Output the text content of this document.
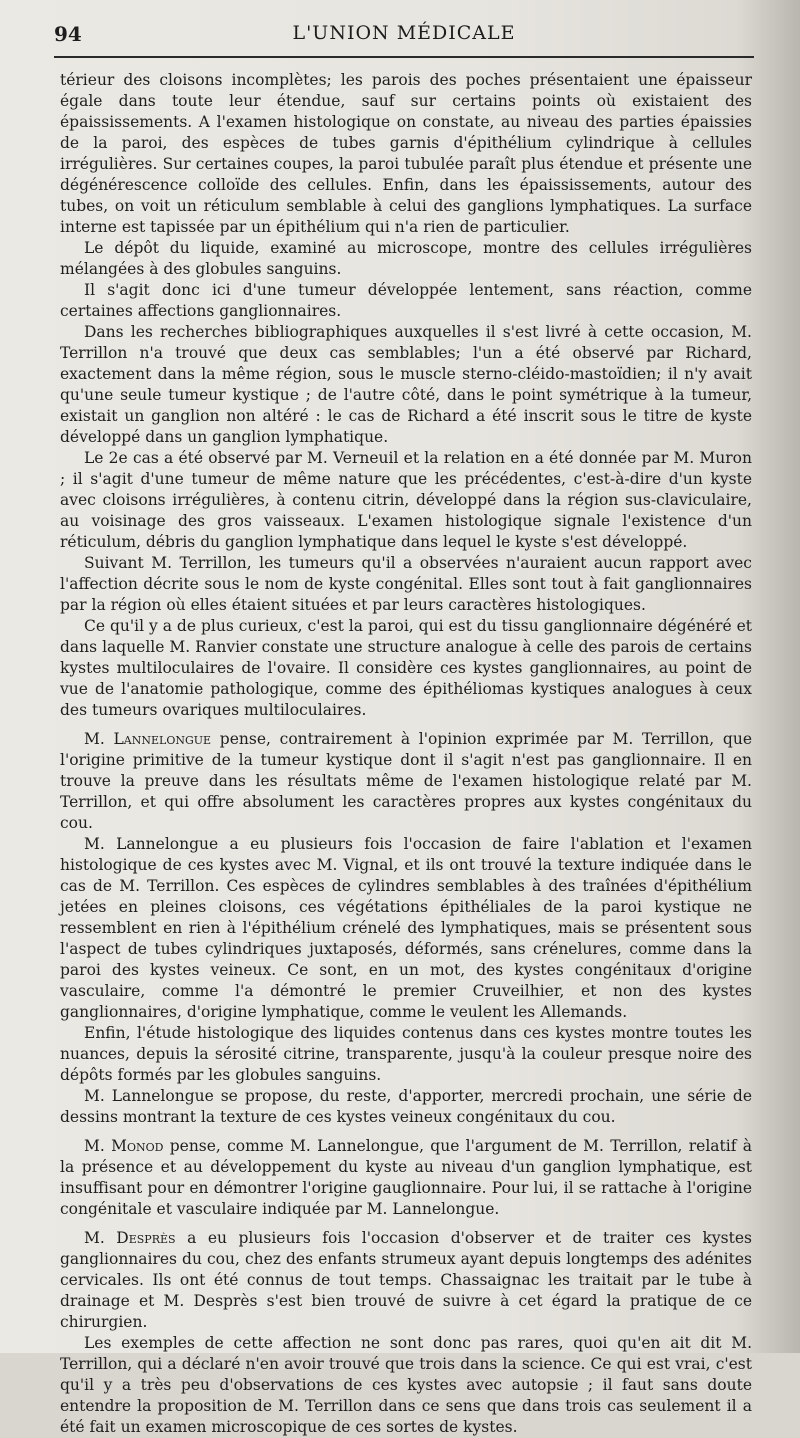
94	L'UNION MÉDICALE

térieur des cloisons incomplètes; les parois des poches présentaient une épaisseur égale dans toute leur étendue, sauf sur certains points où existaient des épaississements. A l'examen histologique on constate, au niveau des parties épaissies de la paroi, des espèces de tubes garnis d'épithélium cylindrique à cellules irrégulières. Sur certaines coupes, la paroi tubulée paraît plus étendue et présente une dégénérescence colloïde des cellules. Enfin, dans les épaississements, autour des tubes, on voit un réticulum semblable à celui des ganglions lymphatiques. La surface interne est tapissée par un épithélium qui n'a rien de particulier.

Le dépôt du liquide, examiné au microscope, montre des cellules irrégulières mélangées à des globules sanguins.

Il s'agit donc ici d'une tumeur développée lentement, sans réaction, comme certaines affections ganglionnaires.

Dans les recherches bibliographiques auxquelles il s'est livré à cette occasion, M. Terrillon n'a trouvé que deux cas semblables; l'un a été observé par Richard, exactement dans la même région, sous le muscle sterno-cléido-mastoïdien; il n'y avait qu'une seule tumeur kystique ; de l'autre côté, dans le point symétrique à la tumeur, existait un ganglion non altéré : le cas de Richard a été inscrit sous le titre de kyste développé dans un ganglion lymphatique.

Le 2e cas a été observé par M. Verneuil et la relation en a été donnée par M. Muron ; il s'agit d'une tumeur de même nature que les précédentes, c'est-à-dire d'un kyste avec cloisons irrégulières, à contenu citrin, développé dans la région sus-claviculaire, au voisinage des gros vaisseaux. L'examen histologique signale l'existence d'un réticulum, débris du ganglion lymphatique dans lequel le kyste s'est développé.

Suivant M. Terrillon, les tumeurs qu'il a observées n'auraient aucun rapport avec l'affection décrite sous le nom de kyste congénital. Elles sont tout à fait ganglionnaires par la région où elles étaient situées et par leurs caractères histologiques.

Ce qu'il y a de plus curieux, c'est la paroi, qui est du tissu ganglionnaire dégénéré et dans laquelle M. Ranvier constate une structure analogue à celle des parois de certains kystes multiloculaires de l'ovaire. Il considère ces kystes ganglionnaires, au point de vue de l'anatomie pathologique, comme des épithéliomas kystiques analogues à ceux des tumeurs ovariques multiloculaires.

M. Lannelongue pense, contrairement à l'opinion exprimée par M. Terrillon, que l'origine primitive de la tumeur kystique dont il s'agit n'est pas ganglionnaire. Il en trouve la preuve dans les résultats même de l'examen histologique relaté par M. Terrillon, et qui offre absolument les caractères propres aux kystes congénitaux du cou.

M. Lannelongue a eu plusieurs fois l'occasion de faire l'ablation et l'examen histologique de ces kystes avec M. Vignal, et ils ont trouvé la texture indiquée dans le cas de M. Terrillon. Ces espèces de cylindres semblables à des traînées d'épithélium jetées en pleines cloisons, ces végétations épithéliales de la paroi kystique ne ressemblent en rien à l'épithélium crénelé des lymphatiques, mais se présentent sous l'aspect de tubes cylindriques juxtaposés, déformés, sans crénelures, comme dans la paroi des kystes veineux. Ce sont, en un mot, des kystes congénitaux d'origine vasculaire, comme l'a démontré le premier Cruveilhier, et non des kystes ganglionnaires, d'origine lymphatique, comme le veulent les Allemands.

Enfin, l'étude histologique des liquides contenus dans ces kystes montre toutes les nuances, depuis la sérosité citrine, transparente, jusqu'à la couleur presque noire des dépôts formés par les globules sanguins.

M. Lannelongue se propose, du reste, d'apporter, mercredi prochain, une série de dessins montrant la texture de ces kystes veineux congénitaux du cou.

M. Monod pense, comme M. Lannelongue, que l'argument de M. Terrillon, relatif à la présence et au développement du kyste au niveau d'un ganglion lymphatique, est insuffisant pour en démontrer l'origine gauglionnaire. Pour lui, il se rattache à l'origine congénitale et vasculaire indiquée par M. Lannelongue.

M. Desprès a eu plusieurs fois l'occasion d'observer et de traiter ces kystes ganglionnaires du cou, chez des enfants strumeux ayant depuis longtemps des adénites cervicales. Ils ont été connus de tout temps. Chassaignac les traitait par le tube à drainage et M. Desprès s'est bien trouvé de suivre à cet égard la pratique de ce chirurgien.

Les exemples de cette affection ne sont donc pas rares, quoi qu'en ait dit M. Terrillon, qui a déclaré n'en avoir trouvé que trois dans la science. Ce qui est vrai, c'est qu'il y a très peu d'observations de ces kystes avec autopsie ; il faut sans doute entendre la proposition de M. Terrillon dans ce sens que dans trois cas seulement il a été fait un examen microscopique de ces sortes de kystes.
